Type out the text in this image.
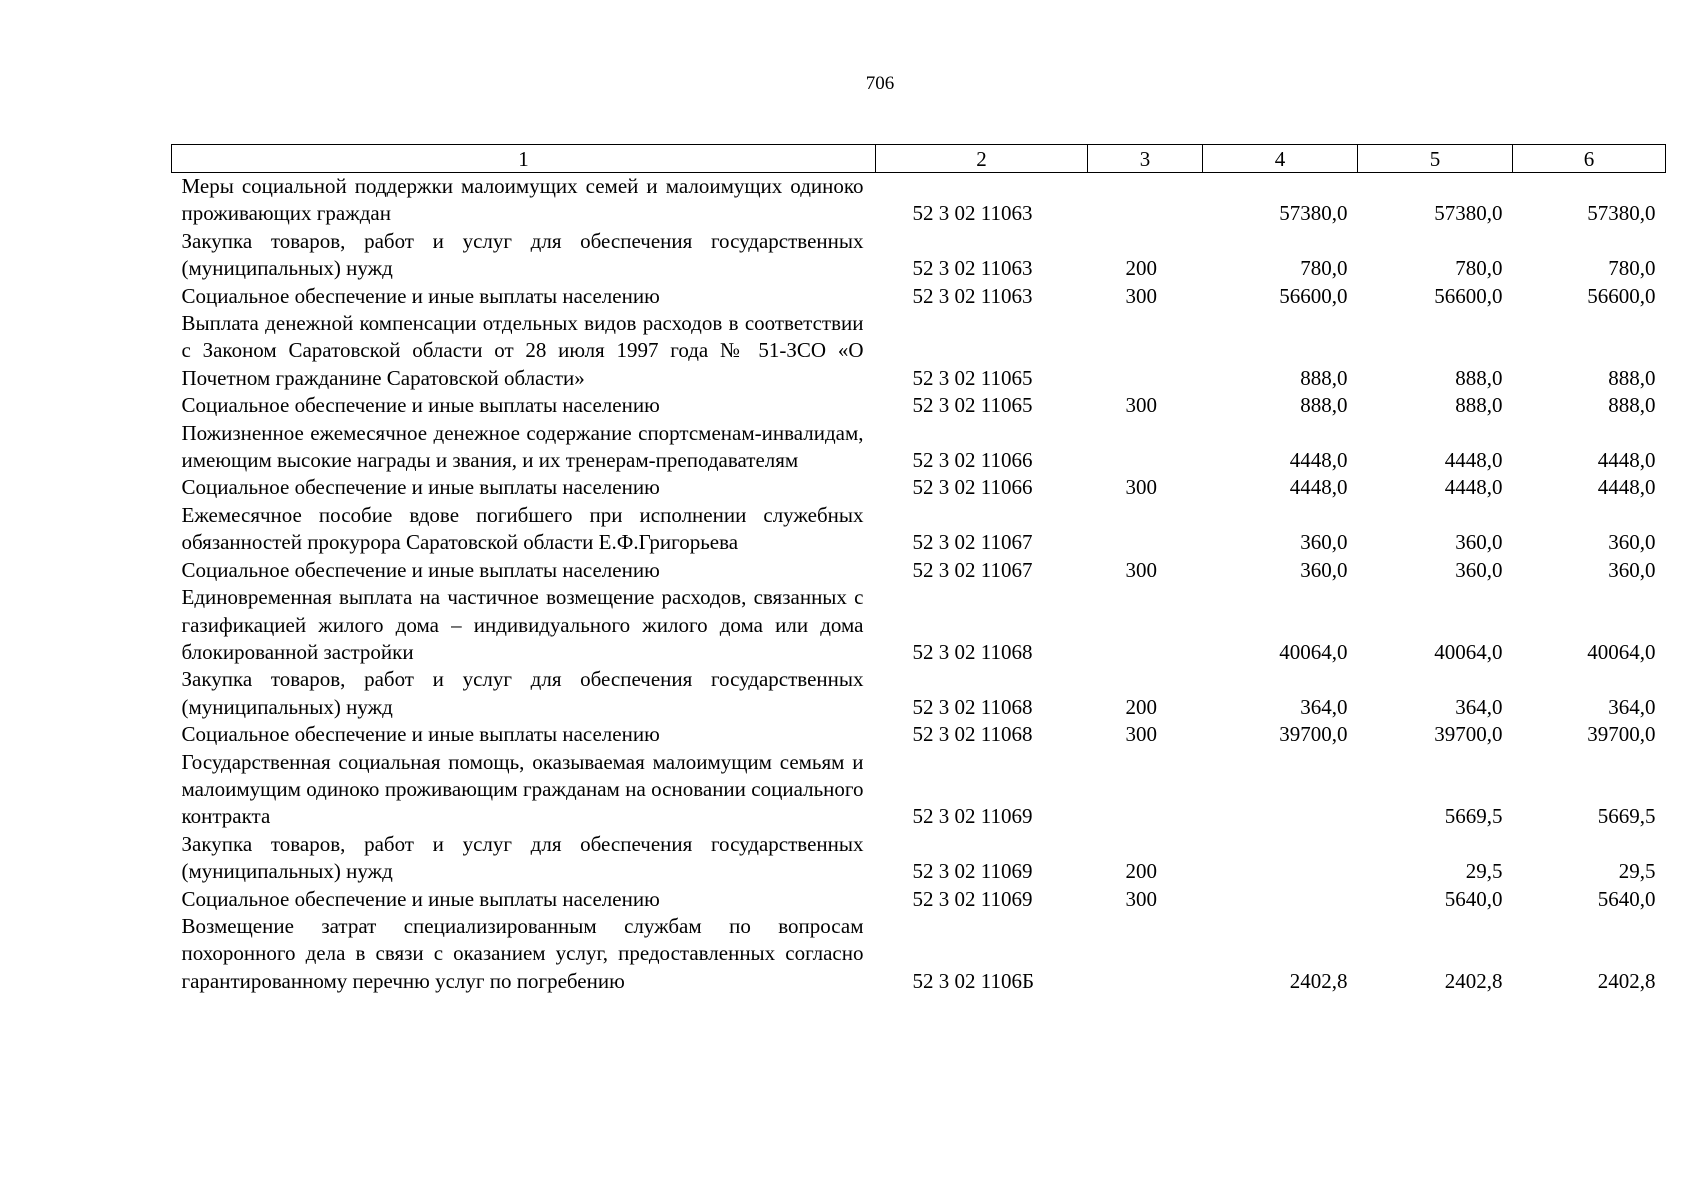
706
1	2	3	4	5	6
Меры социальной поддержки малоимущих семей и малоимущих одиноко проживающих граждан	52 3 02 11063		57380,0	57380,0	57380,0
Закупка товаров, работ и услуг для обеспечения государственных (муниципальных) нужд	52 3 02 11063	200	780,0	780,0	780,0
Социальное обеспечение и иные выплаты населению	52 3 02 11063	300	56600,0	56600,0	56600,0
Выплата денежной компенсации отдельных видов расходов в соответствии с Законом Саратовской области от 28 июля 1997 года № 51-ЗСО «О Почетном гражданине Саратовской области»	52 3 02 11065		888,0	888,0	888,0
Социальное обеспечение и иные выплаты населению	52 3 02 11065	300	888,0	888,0	888,0
Пожизненное ежемесячное денежное содержание спортсменам-инвалидам, имеющим высокие награды и звания, и их тренерам-преподавателям	52 3 02 11066		4448,0	4448,0	4448,0
Социальное обеспечение и иные выплаты населению	52 3 02 11066	300	4448,0	4448,0	4448,0
Ежемесячное пособие вдове погибшего при исполнении служебных обязанностей прокурора Саратовской области Е.Ф.Григорьева	52 3 02 11067		360,0	360,0	360,0
Социальное обеспечение и иные выплаты населению	52 3 02 11067	300	360,0	360,0	360,0
Единовременная выплата на частичное возмещение расходов, связанных с газификацией жилого дома – индивидуального жилого дома или дома блокированной застройки	52 3 02 11068		40064,0	40064,0	40064,0
Закупка товаров, работ и услуг для обеспечения государственных (муниципальных) нужд	52 3 02 11068	200	364,0	364,0	364,0
Социальное обеспечение и иные выплаты населению	52 3 02 11068	300	39700,0	39700,0	39700,0
Государственная социальная помощь, оказываемая малоимущим семьям и малоимущим одиноко проживающим гражданам на основании социального контракта	52 3 02 11069			5669,5	5669,5
Закупка товаров, работ и услуг для обеспечения государственных (муниципальных) нужд	52 3 02 11069	200		29,5	29,5
Социальное обеспечение и иные выплаты населению	52 3 02 11069	300		5640,0	5640,0
Возмещение затрат специализированным службам по вопросам похоронного дела в связи с оказанием услуг, предоставленных согласно гарантированному перечню услуг по погребению	52 3 02 1106Б		2402,8	2402,8	2402,8
